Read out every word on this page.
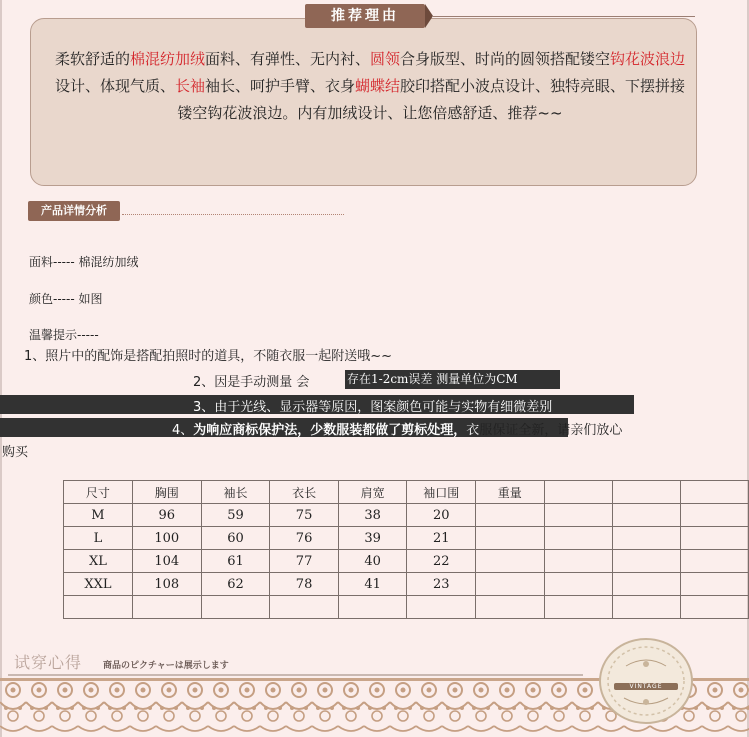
推荐理由
柔软舒适的棉混纺加绒面料、有弹性、无内衬、圆领合身版型、时尚的圆领搭配镂空钩花波浪边设计、体现气质、长袖袖长、呵护手臂、衣身蝴蝶结胶印搭配小波点设计、独特亮眼、下摆拼接镂空钩花波浪边。内有加绒设计、让您倍感舒适、推荐~~
产品详情分析
面料----- 棉混纺加绒
颜色----- 如图
温馨提示-----
1、照片中的配饰是搭配拍照时的道具，不随衣服一起附送哦~~
2、因是手动测量 会	存在1-2cm误差 测量单位为CM
3、由于光线、显示器等原因，图案颜色可能与实物有细微差别
4、为响应商标保护法，少数服装都做了剪标处理，衣服保证全新，请亲们放心
购买
尺寸	胸围	袖长	衣长	肩宽	袖口围	重量			
M	96	59	75	38	20				
L	100	60	76	39	21				
XL	104	61	77	40	22				
XXL	108	62	78	41	23				

试穿心得 商品のピクチャーは展示します
VINTAGE
